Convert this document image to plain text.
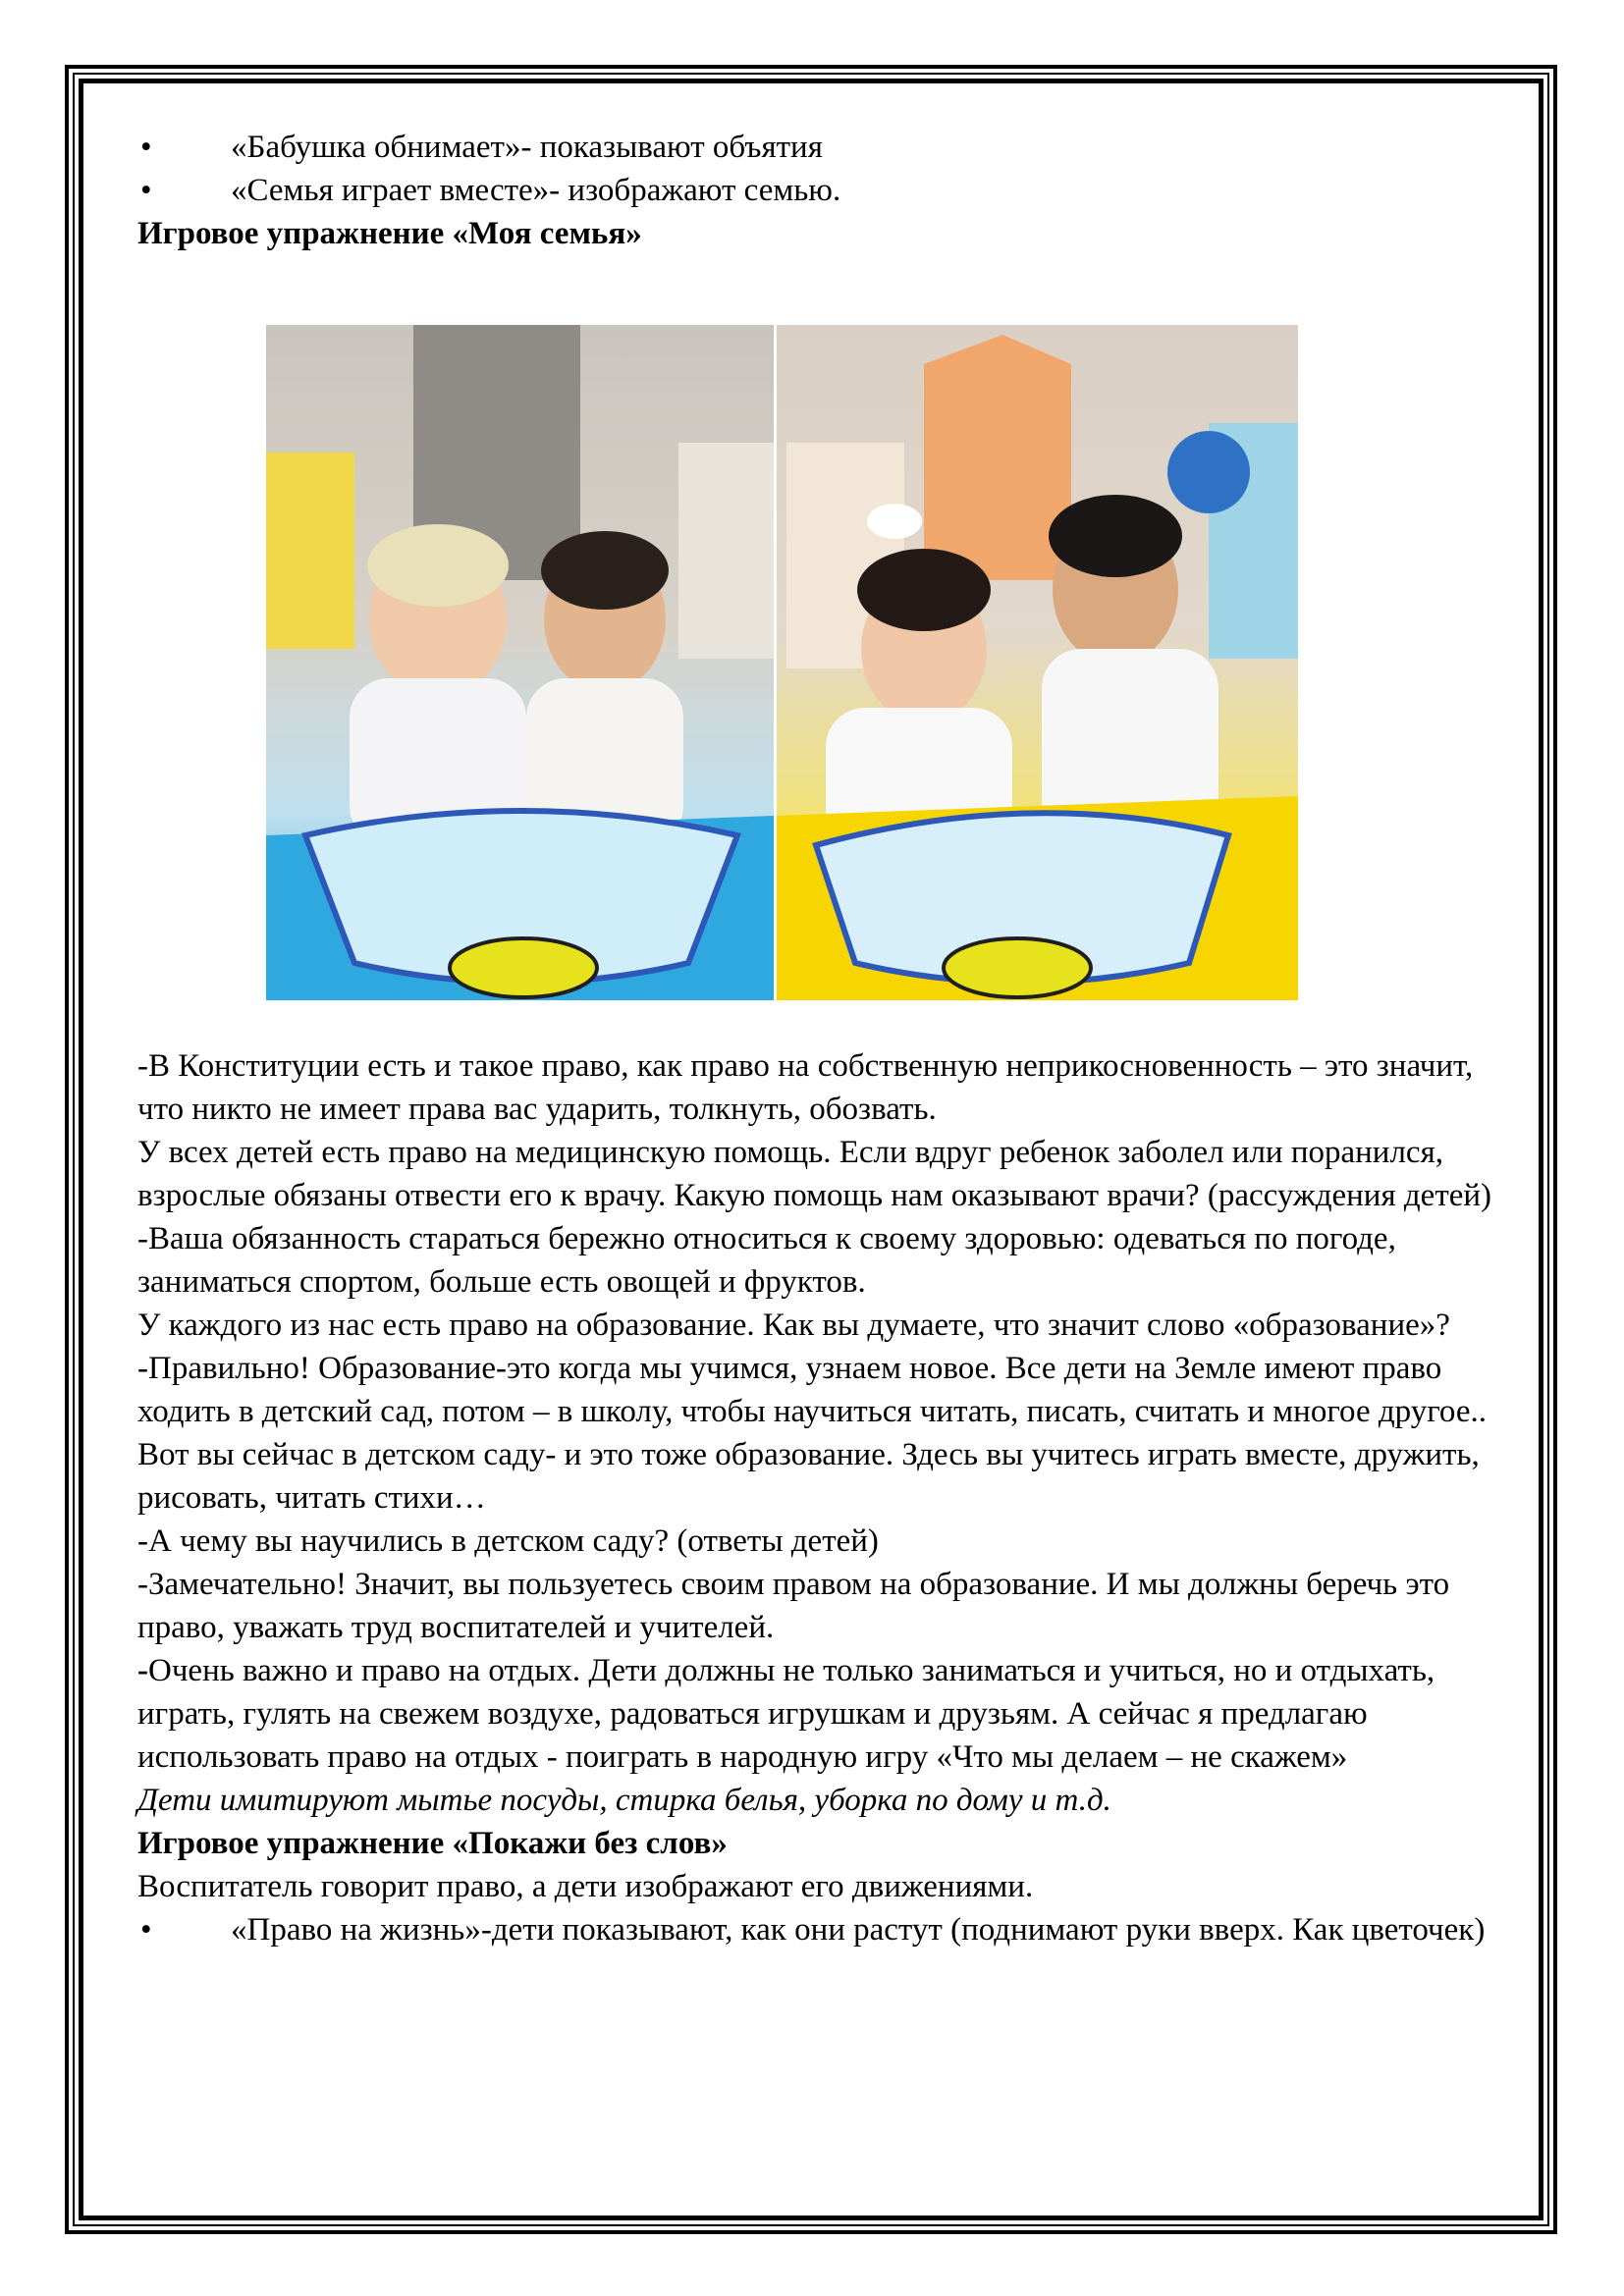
• «Бабушка обнимает»- показывают объятия
• «Семья играет вместе»- изображают семью.

Игровое упражнение «Моя семья»

-В Конституции есть и такое право, как право на собственную неприкосновенность – это значит, что никто не имеет права вас ударить, толкнуть, обозвать.

У всех детей есть право на медицинскую помощь. Если вдруг ребенок заболел или поранился, взрослые обязаны отвести его к врачу. Какую помощь нам оказывают врачи? (рассуждения детей)

-Ваша обязанность стараться бережно относиться к своему здоровью: одеваться по погоде, заниматься спортом, больше есть овощей и фруктов.

У каждого из нас есть право на образование. Как вы думаете, что значит слово «образование»?

-Правильно! Образование-это когда мы учимся, узнаем новое. Все дети на Земле имеют право ходить в детский сад, потом – в школу, чтобы научиться читать, писать, считать и многое другое.. Вот вы сейчас в детском саду- и это тоже образование. Здесь вы учитесь играть вместе, дружить, рисовать, читать стихи…

-А чему вы научились в детском саду? (ответы детей)

-Замечательно! Значит, вы пользуетесь своим правом на образование. И мы должны беречь это право, уважать труд воспитателей и учителей.

-Очень важно и право на отдых. Дети должны не только заниматься и учиться, но и отдыхать, играть, гулять на свежем воздухе, радоваться игрушкам и друзьям. А сейчас я предлагаю использовать право на отдых - поиграть в народную игру «Что мы делаем – не скажем»

Дети имитируют мытье посуды, стирка белья, уборка по дому и т.д.

Игровое упражнение «Покажи без слов»

Воспитатель говорит право, а дети изображают его движениями.

• «Право на жизнь»-дети показывают, как они растут (поднимают руки вверх. Как цветочек)
